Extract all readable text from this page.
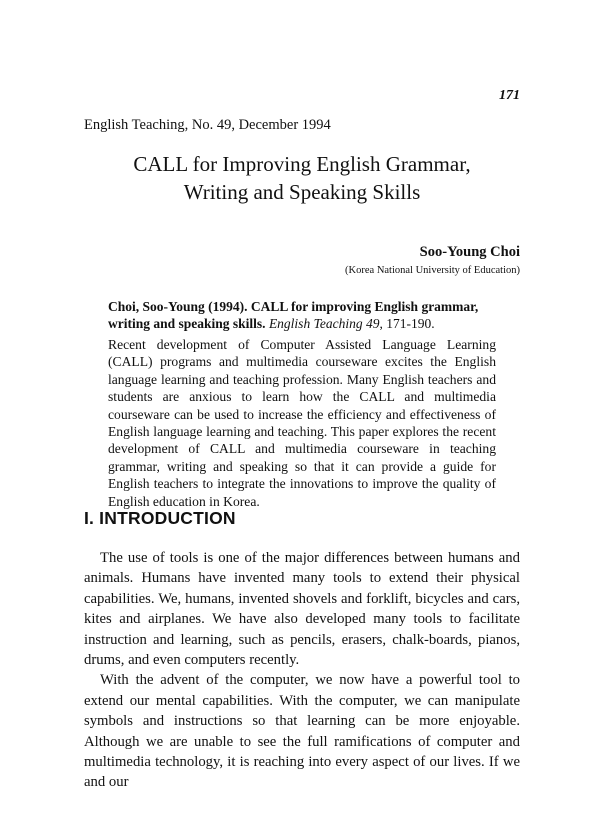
171
English Teaching, No. 49, December 1994
CALL for Improving English Grammar,
Writing and Speaking Skills
Soo-Young Choi
(Korea National University of Education)
Choi, Soo-Young (1994). CALL for improving English grammar, writing and speaking skills. English Teaching 49, 171-190.

Recent development of Computer Assisted Language Learning (CALL) programs and multimedia courseware excites the English language learning and teaching profession. Many English teachers and students are anxious to learn how the CALL and multimedia courseware can be used to increase the efficiency and effectiveness of English language learning and teaching. This paper explores the recent development of CALL and multimedia courseware in teaching grammar, writing and speaking so that it can provide a guide for English teachers to integrate the innovations to improve the quality of English education in Korea.

I. INTRODUCTION

The use of tools is one of the major differences between humans and animals. Humans have invented many tools to extend their physical capabilities. We, humans, invented shovels and forklift, bicycles and cars, kites and airplanes. We have also developed many tools to facilitate instruction and learning, such as pencils, erasers, chalk-boards, pianos, drums, and even computers recently.

With the advent of the computer, we now have a powerful tool to extend our mental capabilities. With the computer, we can manipulate symbols and instructions so that learning can be more enjoyable. Although we are unable to see the full ramifications of computer and multimedia technology, it is reaching into every aspect of our lives. If we and our
